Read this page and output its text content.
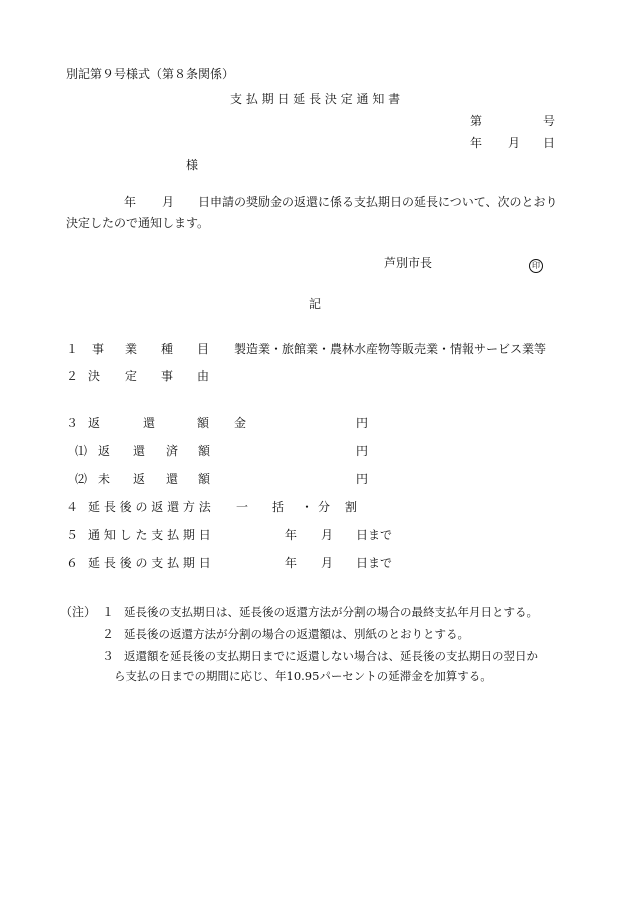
別記第９号様式（第８条関係）
支 払 期 日 延 長 決 定 通 知 書
第	号
年 月 日
様
年 月 日申請の奨励金の返還に係る支払期日の延長について、次のとおり
決定したので通知します。
芦別市長	印
記
１ 事 業 種 目 製造業・旅館業・農林水産物等販売業・情報サービス業等
２ 決 定 事 由
３ 返	還	額 金	円
⑴ 返 還 済 額	円
⑵ 未 返 還 額	円
４ 延 長 後 の 返 還 方 法 一 括 ・ 分 割
５ 通 知 し た 支 払 期 日	年 月 日まで
６ 延 長 後 の 支 払 期 日	年 月 日まで
（注） １ 延長後の支払期日は、延長後の返還方法が分割の場合の最終支払年月日とする。
２ 延長後の返還方法が分割の場合の返還額は、別紙のとおりとする。
３ 返還額を延長後の支払期日までに返還しない場合は、延長後の支払期日の翌日か
ら支払の日までの期間に応じ、年10.95パーセントの延滞金を加算する。
